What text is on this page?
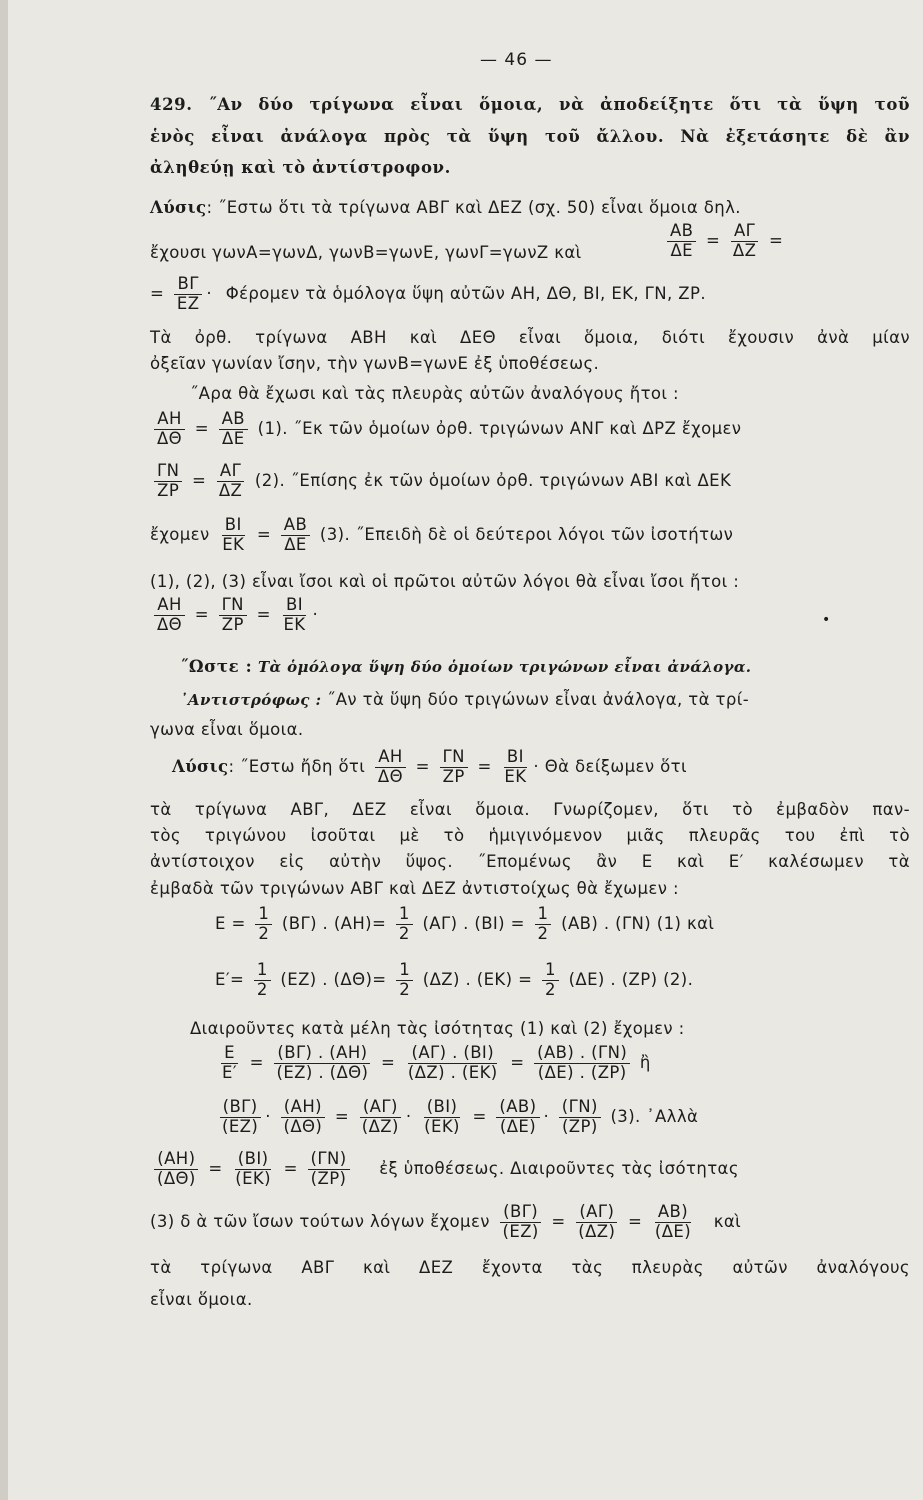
— 46 —
429. ˝Αν δύο τρίγωνα εἶναι ὅμοια, νὰ ἀποδείξητε ὅτι τὰ ὕψη τοῦ
ἑνὸς εἶναι ἀνάλογα πρὸς τὰ ὕψη τοῦ ἄλλου. Νὰ ἐξετάσητε δὲ ἂν
ἀληθεύῃ καὶ τὸ ἀντίστροφον.
Λύσις: ˝Εστω ὅτι τὰ τρίγωνα ΑΒΓ καὶ ΔΕΖ (σχ. 50) εἶναι ὅμοια δηλ.
ἔχουσι γωνΑ=γωνΔ, γωνΒ=γωνΕ, γωνΓ=γωνΖ καὶ	$\frac{AB}{\Delta E} = \frac{A\Gamma}{\Delta Z}$ =
= $\frac{B\Gamma}{EZ} \cdot \Phi έ\rho o\mu\varepsilon\nu$ τὰ ὁμόλογα ὕψη αὐτῶν ΑΗ, ΔΘ, ΒΙ, ΕΚ, ΓΝ, ΖΡ.
Τὰ ὀρθ. τρίγωνα ΑΒΗ καὶ ΔΕΘ εἶναι ὅμοια, διότι ἔχουσιν ἀνὰ μίαν
ὀξεῖαν γωνίαν ἴσην, τὴν γωνΒ=γωνΕ ἐξ ὑποθέσεως.
˝Αρα θὰ ἔχωσι καὶ τὰς πλευρὰς αὐτῶν ἀναλόγους ἤτοι :
$\frac{AH}{\Delta\Theta} = \frac{AB}{\Delta E} (1)$. ˝Εκ τῶν ὁμοίων ὀρθ. τριγώνων ΑΝΓ καὶ ΔΡΖ ἔχομεν
$\frac{\Gamma N}{ZP} = \frac{A\Gamma}{\Delta Z} (2)$. ˝Επίσης ἐκ τῶν ὁμοίων ὀρθ. τριγώνων ΑΒΙ καὶ ΔΕΚ
ἔχομεν $\frac{BI}{EK} = \frac{AB}{\Delta E} (3)$. ˝Επειδὴ δὲ οἱ δεύτεροι λόγοι τῶν ἰσοτήτων
(1), (2), (3) εἶναι ἴσοι καὶ οἱ πρῶτοι αὐτῶν λόγοι θὰ εἶναι ἴσοι ἤτοι :
$\frac{AH}{\Delta\Theta} = \frac{\Gamma N}{ZP} = \frac{BI}{EK}$ ·	•
˝Ωστε : Τὰ ὁμόλογα ὕψη δύο ὁμοίων τριγώνων εἶναι ἀνάλογα.
᾽Αντιστρόφως : ˝Αν τὰ ὕψη δύο τριγώνων εἶναι ἀνάλογα, τὰ τρί-
γωνα εἶναι ὅμοια.
Λύσις: ˝Εστω ἤδη ὅτι $\frac{AH}{\Delta\Theta} = \frac{\Gamma N}{ZP} = \frac{BI}{EK}$ · Θὰ δείξωμεν ὅτι
τὰ τρίγωνα ΑΒΓ, ΔΕΖ εἶναι ὅμοια. Γνωρίζομεν, ὅτι τὸ ἐμβαδὸν παν-
τὸς τριγώνου ἰσοῦται μὲ τὸ ἡμιγινόμενον μιᾶς πλευρᾶς του ἐπὶ τὸ
ἀντίστοιχον εἰς αὐτὴν ὕψος. ˝Επομένως ἂν Ε καὶ Ε′ καλέσωμεν τὰ
ἐμβαδὰ τῶν τριγώνων ΑΒΓ καὶ ΔΕΖ ἀντιστοίχως θὰ ἔχωμεν :
$E = \frac{1}{2} (B\Gamma)$ . $(AH)= \frac{1}{2} (A\Gamma)$ . $(BI) = \frac{1}{2} (AB)$ . (ΓΝ) (1) καὶ
$E'= \frac{1}{2} (EZ)$ . $(\Delta\Theta)= \frac{1}{2} (\Delta Z)$ . $(EK) = \frac{1}{2} (\Delta E)$ . (ΖΡ) (2).
Διαιροῦντες κατὰ μέλη τὰς ἰσότητας (1) καὶ (2) ἔχομεν :
$\frac{E}{E'} = \frac{(B\Gamma) . (AH)}{(EZ) . (\Delta\Theta)} = \frac{(A\Gamma) . (BI)}{(\Delta Z) . (EK)} = \frac{(AB) . (\Gamma N)}{(\Delta E) . (ZP)}$ ἢ
$\frac{(B\Gamma)}{(EZ)} \cdot \frac{(AH)}{(\Delta\Theta)} = \frac{(A\Gamma)}{(\Delta Z)} \cdot \frac{(BI)}{(EK)} = \frac{(AB)}{(\Delta E)} \cdot \frac{(\Gamma N)}{(ZP)} (3)$. ᾽Αλλὰ
$\frac{(AH)}{(\Delta\Theta)} = \frac{(BI)}{(EK)} = \frac{(\Gamma N)}{(ZP)}$ ἐξ ὑποθέσεως. Διαιροῦντες τὰς ἰσότητας
(3) δ ὰ τῶν ἴσων τούτων λόγων ἔχομεν $\frac{(B\Gamma)}{(EZ)} = \frac{(A\Gamma)}{(\Delta Z)} = \frac{AB)}{(\Delta E)}$ καὶ
τὰ τρίγωνα ΑΒΓ καὶ ΔΕΖ ἔχοντα τὰς πλευρὰς αὐτῶν ἀναλόγους
εἶναι ὅμοια.
